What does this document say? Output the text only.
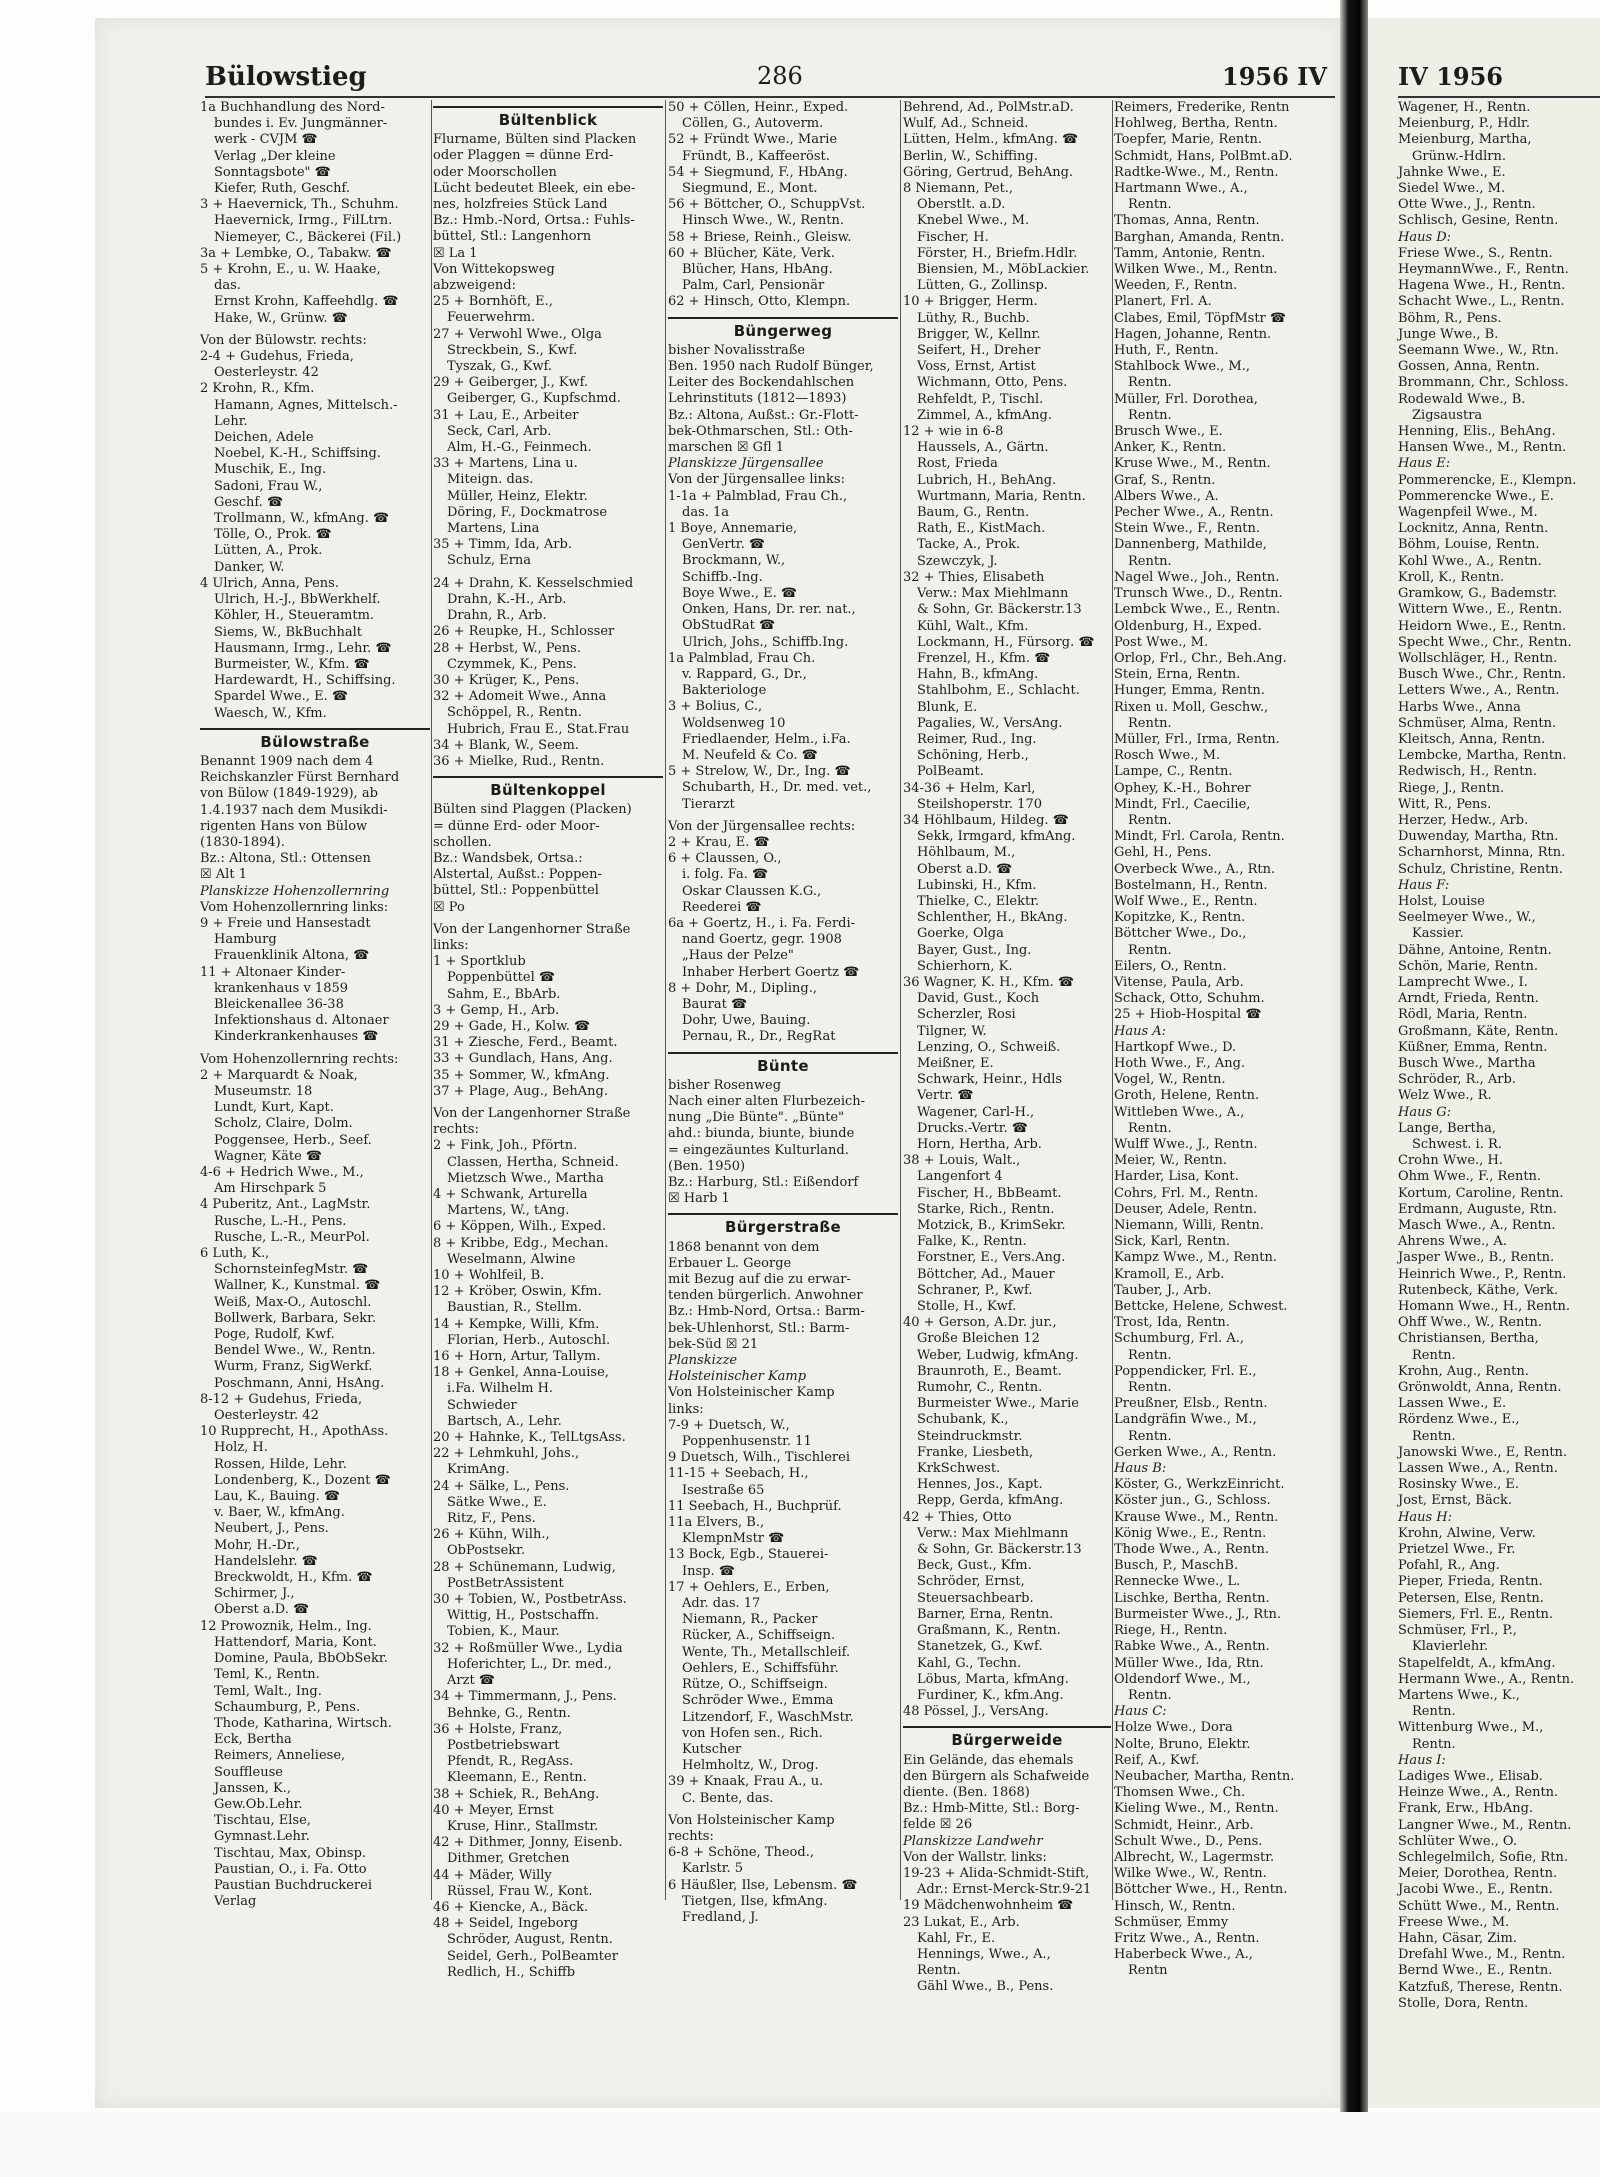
Bülowstieg	286	1956 IV	IV 1956
1a Buchhandlung des Nord-
bundes i. Ev. Jungmänner-
werk - CVJM ☎
Verlag „Der kleine
Sonntagsbote" ☎
Kiefer, Ruth, Geschf.
3 + Haevernick, Th., Schuhm.
Haevernick, Irmg., FilLtrn.
Niemeyer, C., Bäckerei (Fil.)
3a + Lembke, O., Tabakw. ☎
5 + Krohn, E., u. W. Haake,
das.
Ernst Krohn, Kaffeehdlg. ☎
Hake, W., Grünw. ☎
Von der Bülowstr. rechts:
2-4 + Gudehus, Frieda,
Oesterleystr. 42
2 Krohn, R., Kfm.
Hamann, Agnes, Mittelsch.-
Lehr.
Deichen, Adele
Noebel, K.-H., Schiffsing.
Muschik, E., Ing.
Sadoni, Frau W.,
Geschf. ☎
Trollmann, W., kfmAng. ☎
Tölle, O., Prok. ☎
Lütten, A., Prok.
Danker, W.
4 Ulrich, Anna, Pens.
Ulrich, H.-J., BbWerkhelf.
Köhler, H., Steueramtm.
Siems, W., BkBuchhalt
Hausmann, Irmg., Lehr. ☎
Burmeister, W., Kfm. ☎
Hardewardt, H., Schiffsing.
Spardel Wwe., E. ☎
Waesch, W., Kfm.
Bülowstraße
Benannt 1909 nach dem 4
Reichskanzler Fürst Bernhard
von Bülow (1849-1929), ab
1.4.1937 nach dem Musikdi-
rigenten Hans von Bülow
(1830-1894).
Bz.: Altona, Stl.: Ottensen
☒ Alt 1
Planskizze Hohenzollernring
Vom Hohenzollernring links:
9 + Freie und Hansestadt
Hamburg
Frauenklinik Altona, ☎
11 + Altonaer Kinder-
krankenhaus v 1859
Bleickenallee 36-38
Infektionshaus d. Altonaer
Kinderkrankenhauses ☎
Vom Hohenzollernring rechts:
2 + Marquardt & Noak,
Museumstr. 18
Lundt, Kurt, Kapt.
Scholz, Claire, Dolm.
Poggensee, Herb., Seef.
Wagner, Käte ☎
4-6 + Hedrich Wwe., M.,
Am Hirschpark 5
4 Puberitz, Ant., LagMstr.
Rusche, L.-H., Pens.
Rusche, L.-R., MeurPol.
6 Luth, K.,
SchornsteinfegMstr. ☎
Wallner, K., Kunstmal. ☎
Weiß, Max-O., Autoschl.
Bollwerk, Barbara, Sekr.
Poge, Rudolf, Kwf.
Bendel Wwe., W., Rentn.
Wurm, Franz, SigWerkf.
Poschmann, Anni, HsAng.
8-12 + Gudehus, Frieda,
Oesterleystr. 42
10 Rupprecht, H., ApothAss.
Holz, H.
Rossen, Hilde, Lehr.
Londenberg, K., Dozent ☎
Lau, K., Bauing. ☎
v. Baer, W., kfmAng.
Neubert, J., Pens.
Mohr, H.-Dr.,
Handelslehr. ☎
Breckwoldt, H., Kfm. ☎
Schirmer, J.,
Oberst a.D. ☎
12 Prowoznik, Helm., Ing.
Hattendorf, Maria, Kont.
Domine, Paula, BbObSekr.
Teml, K., Rentn.
Teml, Walt., Ing.
Schaumburg, P., Pens.
Thode, Katharina, Wirtsch.
Eck, Bertha
Reimers, Anneliese,
Souffleuse
Janssen, K.,
Gew.Ob.Lehr.
Tischtau, Else,
Gymnast.Lehr.
Tischtau, Max, Obinsp.
Paustian, O., i. Fa. Otto
Paustian Buchdruckerei
Verlag
Bültenblick
Flurname, Bülten sind Placken
oder Plaggen = dünne Erd-
oder Moorschollen
Lücht bedeutet Bleek, ein ebe-
nes, holzfreies Stück Land
Bz.: Hmb.-Nord, Ortsa.: Fuhls-
büttel, Stl.: Langenhorn
☒ La 1
Von Wittekopsweg
abzweigend:
25 + Bornhöft, E.,
Feuerwehrm.
27 + Verwohl Wwe., Olga
Streckbein, S., Kwf.
Tyszak, G., Kwf.
29 + Geiberger, J., Kwf.
Geiberger, G., Kupfschmd.
31 + Lau, E., Arbeiter
Seck, Carl, Arb.
Alm, H.-G., Feinmech.
33 + Martens, Lina u.
Miteign. das.
Müller, Heinz, Elektr.
Döring, F., Dockmatrose
Martens, Lina
35 + Timm, Ida, Arb.
Schulz, Erna
24 + Drahn, K. Kesselschmied
Drahn, K.-H., Arb.
Drahn, R., Arb.
26 + Reupke, H., Schlosser
28 + Herbst, W., Pens.
Czymmek, K., Pens.
30 + Krüger, K., Pens.
32 + Adomeit Wwe., Anna
Schöppel, R., Rentn.
Hubrich, Frau E., Stat.Frau
34 + Blank, W., Seem.
36 + Mielke, Rud., Rentn.
Bültenkoppel
Bülten sind Plaggen (Placken)
= dünne Erd- oder Moor-
schollen.
Bz.: Wandsbek, Ortsa.:
Alstertal, Außst.: Poppen-
büttel, Stl.: Poppenbüttel
☒ Po
Von der Langenhorner Straße
links:
1 + Sportklub
Poppenbüttel ☎
Sahm, E., BbArb.
3 + Gemp, H., Arb.
29 + Gade, H., Kolw. ☎
31 + Ziesche, Ferd., Beamt.
33 + Gundlach, Hans, Ang.
35 + Sommer, W., kfmAng.
37 + Plage, Aug., BehAng.
Von der Langenhorner Straße
rechts:
2 + Fink, Joh., Pförtn.
Classen, Hertha, Schneid.
Mietzsch Wwe., Martha
4 + Schwank, Arturella
Martens, W., tAng.
6 + Köppen, Wilh., Exped.
8 + Kribbe, Edg., Mechan.
Weselmann, Alwine
10 + Wohlfeil, B.
12 + Kröber, Oswin, Kfm.
Baustian, R., Stellm.
14 + Kempke, Willi, Kfm.
Florian, Herb., Autoschl.
16 + Horn, Artur, Tallym.
18 + Genkel, Anna-Louise,
i.Fa. Wilhelm H.
Schwieder
Bartsch, A., Lehr.
20 + Hahnke, K., TelLtgsAss.
22 + Lehmkuhl, Johs.,
KrimAng.
24 + Sälke, L., Pens.
Sätke Wwe., E.
Ritz, F., Pens.
26 + Kühn, Wilh.,
ObPostsekr.
28 + Schünemann, Ludwig,
PostBetrAssistent
30 + Tobien, W., PostbetrAss.
Wittig, H., Postschaffn.
Tobien, K., Maur.
32 + Roßmüller Wwe., Lydia
Hoferichter, L., Dr. med.,
Arzt ☎
34 + Timmermann, J., Pens.
Behnke, G., Rentn.
36 + Holste, Franz,
Postbetriebswart
Pfendt, R., RegAss.
Kleemann, E., Rentn.
38 + Schiek, R., BehAng.
40 + Meyer, Ernst
Kruse, Hinr., Stallmstr.
42 + Dithmer, Jonny, Eisenb.
Dithmer, Gretchen
44 + Mäder, Willy
Rüssel, Frau W., Kont.
46 + Kiencke, A., Bäck.
48 + Seidel, Ingeborg
Schröder, August, Rentn.
Seidel, Gerh., PolBeamter
Redlich, H., Schiffb
50 + Cöllen, Heinr., Exped.
Cöllen, G., Autoverm.
52 + Fründt Wwe., Marie
Fründt, B., Kaffeeröst.
54 + Siegmund, F., HbAng.
Siegmund, E., Mont.
56 + Böttcher, O., SchuppVst.
Hinsch Wwe., W., Rentn.
58 + Briese, Reinh., Gleisw.
60 + Blücher, Käte, Verk.
Blücher, Hans, HbAng.
Palm, Carl, Pensionär
62 + Hinsch, Otto, Klempn.
Büngerweg
bisher Novalisstraße
Ben. 1950 nach Rudolf Bünger,
Leiter des Bockendahlschen
Lehrinstituts (1812—1893)
Bz.: Altona, Außst.: Gr.-Flott-
bek-Othmarschen, Stl.: Oth-
marschen ☒ Gfl 1
Planskizze Jürgensallee
Von der Jürgensallee links:
1-1a + Palmblad, Frau Ch.,
das. 1a
1 Boye, Annemarie,
GenVertr. ☎
Brockmann, W.,
Schiffb.-Ing.
Boye Wwe., E. ☎
Onken, Hans, Dr. rer. nat.,
ObStudRat ☎
Ulrich, Johs., Schiffb.Ing.
1a Palmblad, Frau Ch.
v. Rappard, G., Dr.,
Bakteriologe
3 + Bolius, C.,
Woldsenweg 10
Friedlaender, Helm., i.Fa.
M. Neufeld & Co. ☎
5 + Strelow, W., Dr., Ing. ☎
Schubarth, H., Dr. med. vet.,
Tierarzt
Von der Jürgensallee rechts:
2 + Krau, E. ☎
6 + Claussen, O.,
i. folg. Fa. ☎
Oskar Claussen K.G.,
Reederei ☎
6a + Goertz, H., i. Fa. Ferdi-
nand Goertz, gegr. 1908
„Haus der Pelze"
Inhaber Herbert Goertz ☎
8 + Dohr, M., Dipling.,
Baurat ☎
Dohr, Uwe, Bauing.
Pernau, R., Dr., RegRat
Bünte
bisher Rosenweg
Nach einer alten Flurbezeich-
nung „Die Bünte". „Bünte"
ahd.: biunda, biunte, biunde
= eingezäuntes Kulturland.
(Ben. 1950)
Bz.: Harburg, Stl.: Eißendorf
☒ Harb 1
Bürgerstraße
1868 benannt von dem
Erbauer L. George
mit Bezug auf die zu erwar-
tenden bürgerlich. Anwohner
Bz.: Hmb-Nord, Ortsa.: Barm-
bek-Uhlenhorst, Stl.: Barm-
bek-Süd ☒ 21
Planskizze
Holsteinischer Kamp
Von Holsteinischer Kamp
links:
7-9 + Duetsch, W.,
Poppenhusenstr. 11
9 Duetsch, Wilh., Tischlerei
11-15 + Seebach, H.,
Isestraße 65
11 Seebach, H., Buchprüf.
11a Elvers, B.,
KlempnMstr ☎
13 Bock, Egb., Stauerei-
Insp. ☎
17 + Oehlers, E., Erben,
Adr. das. 17
Niemann, R., Packer
Rücker, A., Schiffseign.
Wente, Th., Metallschleif.
Oehlers, E., Schiffsführ.
Rütze, O., Schiffseign.
Schröder Wwe., Emma
Litzendorf, F., WaschMstr.
von Hofen sen., Rich.
Kutscher
Helmholtz, W., Drog.
39 + Knaak, Frau A., u.
C. Bente, das.
Von Holsteinischer Kamp
rechts:
6-8 + Schöne, Theod.,
Karlstr. 5
6 Häußler, Ilse, Lebensm. ☎
Tietgen, Ilse, kfmAng.
Fredland, J.
Behrend, Ad., PolMstr.aD.
Wulf, Ad., Schneid.
Lütten, Helm., kfmAng. ☎
Berlin, W., Schiffing.
Göring, Gertrud, BehAng.
8 Niemann, Pet.,
Oberstlt. a.D.
Knebel Wwe., M.
Fischer, H.
Förster, H., Briefm.Hdlr.
Biensien, M., MöbLackier.
Lütten, G., Zollinsp.
10 + Brigger, Herm.
Lüthy, R., Buchb.
Brigger, W., Kellnr.
Seifert, H., Dreher
Voss, Ernst, Artist
Wichmann, Otto, Pens.
Rehfeldt, P., Tischl.
Zimmel, A., kfmAng.
12 + wie in 6-8
Haussels, A., Gärtn.
Rost, Frieda
Lubrich, H., BehAng.
Wurtmann, Maria, Rentn.
Baum, G., Rentn.
Rath, E., KistMach.
Tacke, A., Prok.
Szewczyk, J.
32 + Thies, Elisabeth
Verw.: Max Miehlmann
& Sohn, Gr. Bäckerstr.13
Kühl, Walt., Kfm.
Lockmann, H., Fürsorg. ☎
Frenzel, H., Kfm. ☎
Hahn, B., kfmAng.
Stahlbohm, E., Schlacht.
Blunk, E.
Pagalies, W., VersAng.
Reimer, Rud., Ing.
Schöning, Herb.,
PolBeamt.
34-36 + Helm, Karl,
Steilshoperstr. 170
34 Höhlbaum, Hildeg. ☎
Sekk, Irmgard, kfmAng.
Höhlbaum, M.,
Oberst a.D. ☎
Lubinski, H., Kfm.
Thielke, C., Elektr.
Schlenther, H., BkAng.
Goerke, Olga
Bayer, Gust., Ing.
Schierhorn, K.
36 Wagner, K. H., Kfm. ☎
David, Gust., Koch
Scherzler, Rosi
Tilgner, W.
Lenzing, O., Schweiß.
Meißner, E.
Schwark, Heinr., Hdls
Vertr. ☎
Wagener, Carl-H.,
Drucks.-Vertr. ☎
Horn, Hertha, Arb.
38 + Louis, Walt.,
Langenfort 4
Fischer, H., BbBeamt.
Starke, Rich., Rentn.
Motzick, B., KrimSekr.
Falke, K., Rentn.
Forstner, E., Vers.Ang.
Böttcher, Ad., Mauer
Schraner, P., Kwf.
Stolle, H., Kwf.
40 + Gerson, A.Dr. jur.,
Große Bleichen 12
Weber, Ludwig, kfmAng.
Braunroth, E., Beamt.
Rumohr, C., Rentn.
Burmeister Wwe., Marie
Schubank, K.,
Steindruckmstr.
Franke, Liesbeth,
KrkSchwest.
Hennes, Jos., Kapt.
Repp, Gerda, kfmAng.
42 + Thies, Otto
Verw.: Max Miehlmann
& Sohn, Gr. Bäckerstr.13
Beck, Gust., Kfm.
Schröder, Ernst,
Steuersachbearb.
Barner, Erna, Rentn.
Graßmann, K., Rentn.
Stanetzek, G., Kwf.
Kahl, G., Techn.
Löbus, Marta, kfmAng.
Furdiner, K., kfm.Ang.
48 Pössel, J., VersAng.
Bürgerweide
Ein Gelände, das ehemals
den Bürgern als Schafweide
diente. (Ben. 1868)
Bz.: Hmb-Mitte, Stl.: Borg-
felde ☒ 26
Planskizze Landwehr
Von der Wallstr. links:
19-23 + Alida-Schmidt-Stift,
Adr.: Ernst-Merck-Str.9-21
19 Mädchenwohnheim ☎
23 Lukat, E., Arb.
Kahl, Fr., E.
Hennings, Wwe., A.,
Rentn.
Gähl Wwe., B., Pens.
Reimers, Frederike, Rentn
Hohlweg, Bertha, Rentn.
Toepfer, Marie, Rentn.
Schmidt, Hans, PolBmt.aD.
Radtke-Wwe., M., Rentn.
Hartmann Wwe., A.,
Rentn.
Thomas, Anna, Rentn.
Barghan, Amanda, Rentn.
Tamm, Antonie, Rentn.
Wilken Wwe., M., Rentn.
Weeden, F., Rentn.
Planert, Frl. A.
Clabes, Emil, TöpfMstr ☎
Hagen, Johanne, Rentn.
Huth, F., Rentn.
Stahlbock Wwe., M.,
Rentn.
Müller, Frl. Dorothea,
Rentn.
Brusch Wwe., E.
Anker, K., Rentn.
Kruse Wwe., M., Rentn.
Graf, S., Rentn.
Albers Wwe., A.
Pecher Wwe., A., Rentn.
Stein Wwe., F., Rentn.
Dannenberg, Mathilde,
Rentn.
Nagel Wwe., Joh., Rentn.
Trunsch Wwe., D., Rentn.
Lembck Wwe., E., Rentn.
Oldenburg, H., Exped.
Post Wwe., M.
Orlop, Frl., Chr., Beh.Ang.
Stein, Erna, Rentn.
Hunger, Emma, Rentn.
Rixen u. Moll, Geschw.,
Rentn.
Müller, Frl., Irma, Rentn.
Rosch Wwe., M.
Lampe, C., Rentn.
Ophey, K.-H., Bohrer
Mindt, Frl., Caecilie,
Rentn.
Mindt, Frl. Carola, Rentn.
Gehl, H., Pens.
Overbeck Wwe., A., Rtn.
Bostelmann, H., Rentn.
Wolf Wwe., E., Rentn.
Kopitzke, K., Rentn.
Böttcher Wwe., Do.,
Rentn.
Eilers, O., Rentn.
Vitense, Paula, Arb.
Schack, Otto, Schuhm.
25 + Hiob-Hospital ☎
Haus A:
Hartkopf Wwe., D.
Hoth Wwe., F., Ang.
Vogel, W., Rentn.
Groth, Helene, Rentn.
Wittleben Wwe., A.,
Rentn.
Wulff Wwe., J., Rentn.
Meier, W., Rentn.
Harder, Lisa, Kont.
Cohrs, Frl. M., Rentn.
Deuser, Adele, Rentn.
Niemann, Willi, Rentn.
Sick, Karl, Rentn.
Kampz Wwe., M., Rentn.
Kramoll, E., Arb.
Tauber, J., Arb.
Bettcke, Helene, Schwest.
Trost, Ida, Rentn.
Schumburg, Frl. A.,
Rentn.
Poppendicker, Frl. E.,
Rentn.
Preußner, Elsb., Rentn.
Landgräfin Wwe., M.,
Rentn.
Gerken Wwe., A., Rentn.
Haus B:
Köster, G., WerkzEinricht.
Köster jun., G., Schloss.
Krause Wwe., M., Rentn.
König Wwe., E., Rentn.
Thode Wwe., A., Rentn.
Busch, P., MaschB.
Rennecke Wwe., L.
Lischke, Bertha, Rentn.
Burmeister Wwe., J., Rtn.
Riege, H., Rentn.
Rabke Wwe., A., Rentn.
Müller Wwe., Ida, Rtn.
Oldendorf Wwe., M.,
Rentn.
Haus C:
Holze Wwe., Dora
Nolte, Bruno, Elektr.
Reif, A., Kwf.
Neubacher, Martha, Rentn.
Thomsen Wwe., Ch.
Kieling Wwe., M., Rentn.
Schmidt, Heinr., Arb.
Schult Wwe., D., Pens.
Albrecht, W., Lagermstr.
Wilke Wwe., W., Rentn.
Böttcher Wwe., H., Rentn.
Hinsch, W., Rentn.
Schmüser, Emmy
Fritz Wwe., A., Rentn.
Haberbeck Wwe., A.,
Rentn
Wagener, H., Rentn.
Meienburg, P., Hdlr.
Meienburg, Martha,
Grünw.-Hdlrn.
Jahnke Wwe., E.
Siedel Wwe., M.
Otte Wwe., J., Rentn.
Schlisch, Gesine, Rentn.
Haus D:
Friese Wwe., S., Rentn.
HeymannWwe., F., Rentn.
Hagena Wwe., H., Rentn.
Schacht Wwe., L., Rentn.
Böhm, R., Pens.
Junge Wwe., B.
Seemann Wwe., W., Rtn.
Gossen, Anna, Rentn.
Brommann, Chr., Schloss.
Rodewald Wwe., B.
Zigsaustra
Henning, Elis., BehAng.
Hansen Wwe., M., Rentn.
Haus E:
Pommerencke, E., Klempn.
Pommerencke Wwe., E.
Wagenpfeil Wwe., M.
Locknitz, Anna, Rentn.
Böhm, Louise, Rentn.
Kohl Wwe., A., Rentn.
Kroll, K., Rentn.
Gramkow, G., Bademstr.
Wittern Wwe., E., Rentn.
Heidorn Wwe., E., Rentn.
Specht Wwe., Chr., Rentn.
Wollschläger, H., Rentn.
Busch Wwe., Chr., Rentn.
Letters Wwe., A., Rentn.
Harbs Wwe., Anna
Schmüser, Alma, Rentn.
Kleitsch, Anna, Rentn.
Lembcke, Martha, Rentn.
Redwisch, H., Rentn.
Riege, J., Rentn.
Witt, R., Pens.
Herzer, Hedw., Arb.
Duwenday, Martha, Rtn.
Scharnhorst, Minna, Rtn.
Schulz, Christine, Rentn.
Haus F:
Holst, Louise
Seelmeyer Wwe., W.,
Kassier.
Dähne, Antoine, Rentn.
Schön, Marie, Rentn.
Lamprecht Wwe., I.
Arndt, Frieda, Rentn.
Rödl, Maria, Rentn.
Großmann, Käte, Rentn.
Küßner, Emma, Rentn.
Busch Wwe., Martha
Schröder, R., Arb.
Welz Wwe., R.
Haus G:
Lange, Bertha,
Schwest. i. R.
Crohn Wwe., H.
Ohm Wwe., F., Rentn.
Kortum, Caroline, Rentn.
Erdmann, Auguste, Rtn.
Masch Wwe., A., Rentn.
Ahrens Wwe., A.
Jasper Wwe., B., Rentn.
Heinrich Wwe., P., Rentn.
Rutenbeck, Käthe, Verk.
Homann Wwe., H., Rentn.
Ohff Wwe., W., Rentn.
Christiansen, Bertha,
Rentn.
Krohn, Aug., Rentn.
Grönwoldt, Anna, Rentn.
Lassen Wwe., E.
Rördenz Wwe., E.,
Rentn.
Janowski Wwe., E, Rentn.
Lassen Wwe., A., Rentn.
Rosinsky Wwe., E.
Jost, Ernst, Bäck.
Haus H:
Krohn, Alwine, Verw.
Prietzel Wwe., Fr.
Pofahl, R., Ang.
Pieper, Frieda, Rentn.
Petersen, Else, Rentn.
Siemers, Frl. E., Rentn.
Schmüser, Frl., P.,
Klavierlehr.
Stapelfeldt, A., kfmAng.
Hermann Wwe., A., Rentn.
Martens Wwe., K.,
Rentn.
Wittenburg Wwe., M.,
Rentn.
Haus I:
Ladiges Wwe., Elisab.
Heinze Wwe., A., Rentn.
Frank, Erw., HbAng.
Langner Wwe., M., Rentn.
Schlüter Wwe., O.
Schlegelmilch, Sofie, Rtn.
Meier, Dorothea, Rentn.
Jacobi Wwe., E., Rentn.
Schütt Wwe., M., Rentn.
Freese Wwe., M.
Hahn, Cäsar, Zim.
Drefahl Wwe., M., Rentn.
Bernd Wwe., E., Rentn.
Katzfuß, Therese, Rentn.
Stolle, Dora, Rentn.
